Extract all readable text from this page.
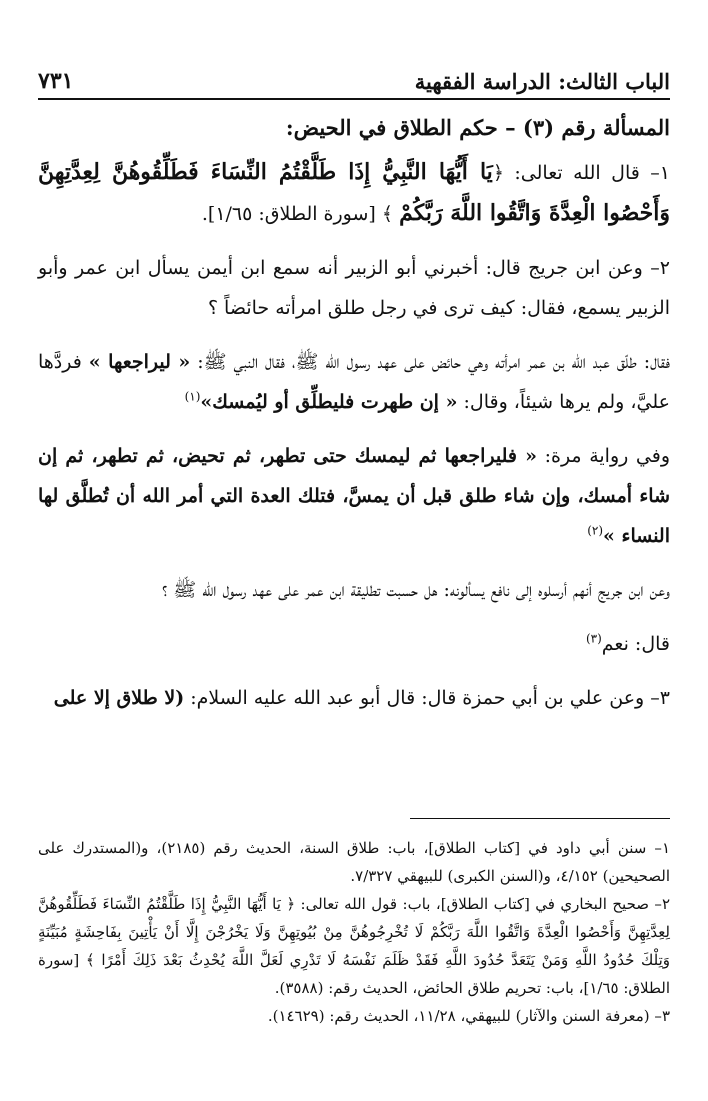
الباب الثالث: الدراسة الفقهية
٧٣١

المسألة رقم (٣) – حكم الطلاق في الحيض:

١– قال الله تعالى: ﴿يَا أَيُّهَا النَّبِيُّ إِذَا طَلَّقْتُمُ النِّسَاءَ فَطَلِّقُوهُنَّ لِعِدَّتِهِنَّ وَأَحْصُوا الْعِدَّةَ وَاتَّقُوا اللَّهَ رَبَّكُمْ ﴾ [سورة الطلاق: ١/٦٥].

٢– وعن ابن جريج قال: أخبرني أبو الزبير أنه سمع ابن أيمن يسأل ابن عمر وأبو الزبير يسمع، فقال: كيف ترى في رجل طلق امرأته حائضاً ؟

فقال: طلّق عبد الله بن عمر امرأته وهي حائض على عهد رسول الله ﷺ، فقال النبي ﷺ: « ليراجعها » فردَّها عليَّ، ولم يرها شيئاً، وقال: « إن طهرت فليطلِّق أو ليُمسك»$^{(١)}$

وفي رواية مرة: « فليراجعها ثم ليمسك حتى تطهر، ثم تحيض، ثم تطهر، ثم إن شاء أمسك، وإن شاء طلق قبل أن يمسَّ، فتلك العدة التي أمر الله أن تُطلَّق لها النساء »$^{(٢)}$

وعن ابن جريج أنهم أرسلوه إلى نافع يسألونه: هل حسبت تطليقة ابن عمر على عهد رسول الله ﷺ ؟

قال: نعم$^{(٣)}$

٣– وعن علي بن أبي حمزة قال: قال أبو عبد الله عليه السلام: (لا طلاق إلا على

١– سنن أبي داود في [كتاب الطلاق]، باب: طلاق السنة، الحديث رقم (٢١٨٥)، و(المستدرك على الصحيحين) ٤/١٥٢، و(السنن الكبرى) للبيهقي ٧/٣٢٧.

٢– صحيح البخاري في [كتاب الطلاق]، باب: قول الله تعالى: ﴿ يَا أَيُّهَا النَّبِيُّ إِذَا طَلَّقْتُمُ النِّسَاءَ فَطَلِّقُوهُنَّ لِعِدَّتِهِنَّ وَأَحْصُوا الْعِدَّةَ وَاتَّقُوا اللَّهَ رَبَّكُمْ لَا تُخْرِجُوهُنَّ مِنْ بُيُوتِهِنَّ وَلَا يَخْرُجْنَ إِلَّا أَنْ يَأْتِينَ بِفَاحِشَةٍ مُبَيِّنَةٍ وَتِلْكَ حُدُودُ اللَّهِ وَمَنْ يَتَعَدَّ حُدُودَ اللَّهِ فَقَدْ ظَلَمَ نَفْسَهُ لَا تَدْرِي لَعَلَّ اللَّهَ يُحْدِثُ بَعْدَ ذَلِكَ أَمْرًا ﴾ [سورة الطلاق: ١/٦٥]، باب: تحريم طلاق الحائض، الحديث رقم: (٣٥٨٨).

٣– (معرفة السنن والآثار) للبيهقي، ١١/٢٨، الحديث رقم: (١٤٦٢٩).
